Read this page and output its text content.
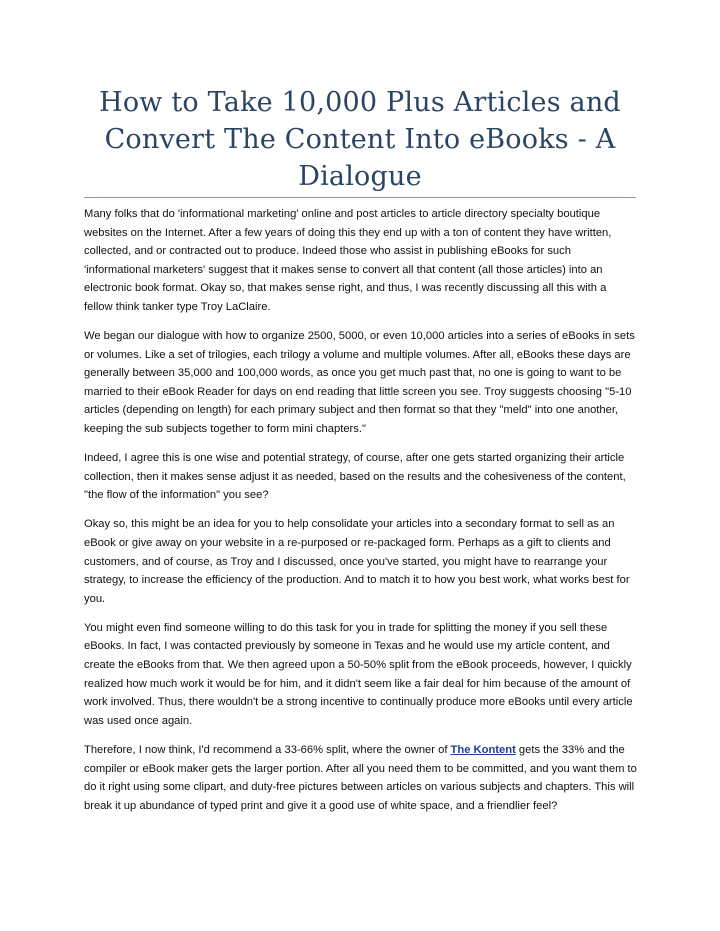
How to Take 10,000 Plus Articles and Convert The Content Into eBooks - A Dialogue

Many folks that do 'informational marketing' online and post articles to article directory specialty boutique websites on the Internet. After a few years of doing this they end up with a ton of content they have written, collected, and or contracted out to produce. Indeed those who assist in publishing eBooks for such 'informational marketers' suggest that it makes sense to convert all that content (all those articles) into an electronic book format. Okay so, that makes sense right, and thus, I was recently discussing all this with a fellow think tanker type Troy LaClaire.

We began our dialogue with how to organize 2500, 5000, or even 10,000 articles into a series of eBooks in sets or volumes. Like a set of trilogies, each trilogy a volume and multiple volumes. After all, eBooks these days are generally between 35,000 and 100,000 words, as once you get much past that, no one is going to want to be married to their eBook Reader for days on end reading that little screen you see. Troy suggests choosing "5-10 articles (depending on length) for each primary subject and then format so that they "meld" into one another, keeping the sub subjects together to form mini chapters."

Indeed, I agree this is one wise and potential strategy, of course, after one gets started organizing their article collection, then it makes sense adjust it as needed, based on the results and the cohesiveness of the content, "the flow of the information" you see?

Okay so, this might be an idea for you to help consolidate your articles into a secondary format to sell as an eBook or give away on your website in a re-purposed or re-packaged form. Perhaps as a gift to clients and customers, and of course, as Troy and I discussed, once you've started, you might have to rearrange your strategy, to increase the efficiency of the production. And to match it to how you best work, what works best for you.

You might even find someone willing to do this task for you in trade for splitting the money if you sell these eBooks. In fact, I was contacted previously by someone in Texas and he would use my article content, and create the eBooks from that. We then agreed upon a 50-50% split from the eBook proceeds, however, I quickly realized how much work it would be for him, and it didn't seem like a fair deal for him because of the amount of work involved. Thus, there wouldn't be a strong incentive to continually produce more eBooks until every article was used once again.

Therefore, I now think, I'd recommend a 33-66% split, where the owner of The Kontent gets the 33% and the compiler or eBook maker gets the larger portion. After all you need them to be committed, and you want them to do it right using some clipart, and duty-free pictures between articles on various subjects and chapters. This will break it up abundance of typed print and give it a good use of white space, and a friendlier feel?
